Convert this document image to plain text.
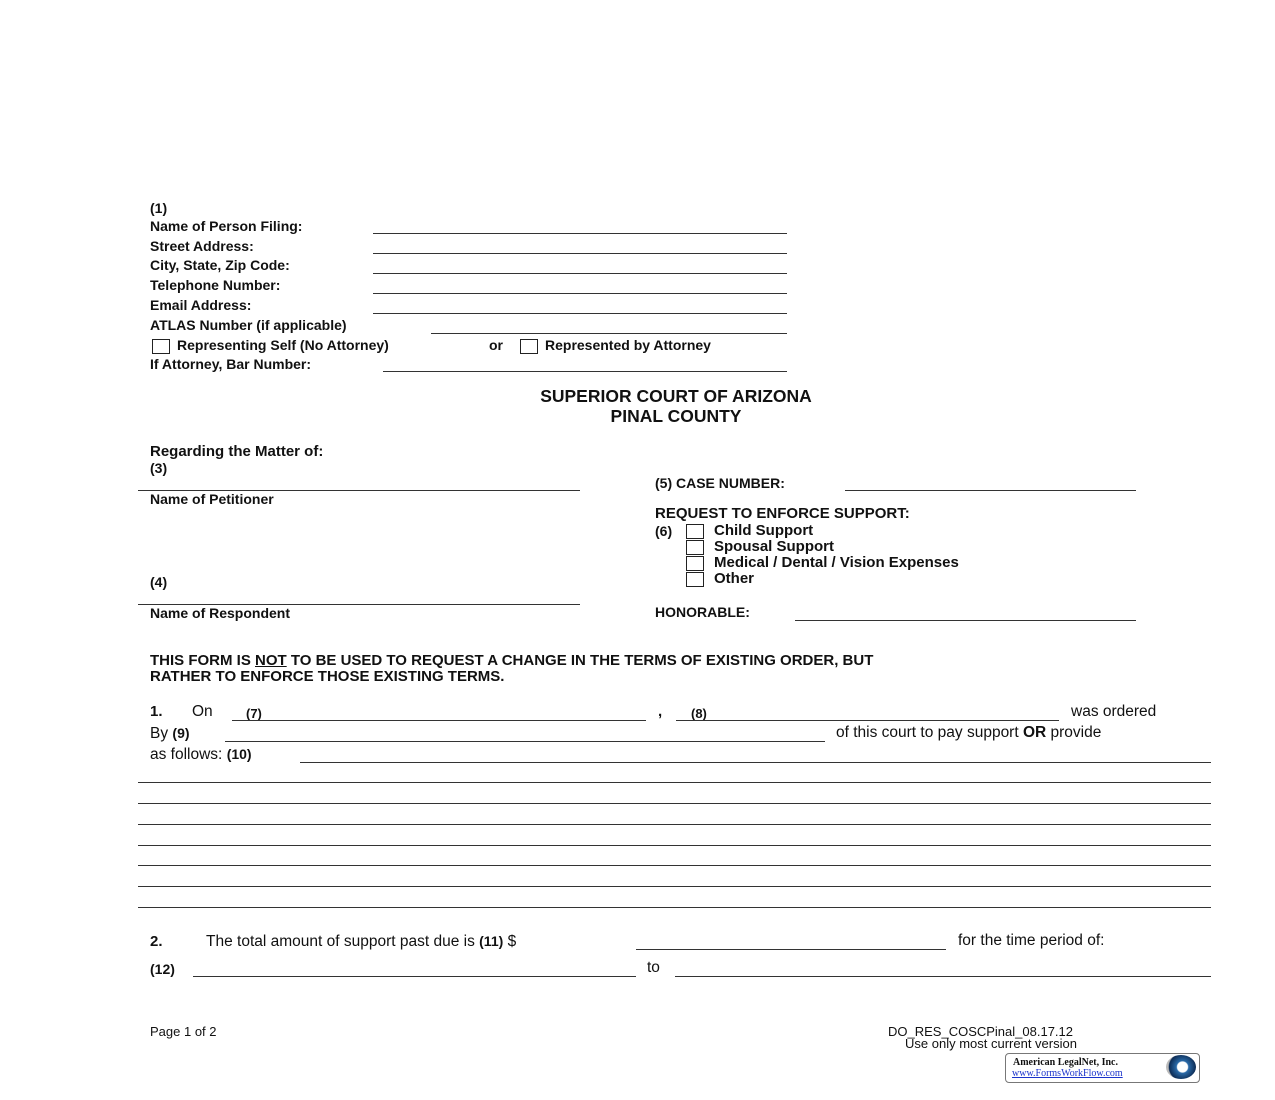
(1)
Name of Person Filing:
Street Address:
City, State, Zip Code:
Telephone Number:
Email Address:
ATLAS Number (if applicable)
Representing Self (No Attorney)	or	Represented by Attorney
If Attorney, Bar Number:
SUPERIOR COURT OF ARIZONA
PINAL COUNTY
Regarding the Matter of:
(3)
Name of Petitioner
(4)
Name of Respondent
(5) CASE NUMBER:
REQUEST TO ENFORCE SUPPORT:
(6)	Child Support
Spousal Support
Medical / Dental / Vision Expenses
Other
HONORABLE:
THIS FORM IS NOT TO BE USED TO REQUEST A CHANGE IN THE TERMS OF EXISTING ORDER, BUT
RATHER TO ENFORCE THOSE EXISTING TERMS.
1. On	(7)	, (8)	was ordered
By (9)	of this court to pay support OR provide
as follows: (10)
2.	The total amount of support past due is (11) $	for the time period of:
(12)	to
Page 1 of 2	DO_RES_COSCPinal_08.17.12
Use only most current version
American LegalNet, Inc.
www.FormsWorkFlow.com
